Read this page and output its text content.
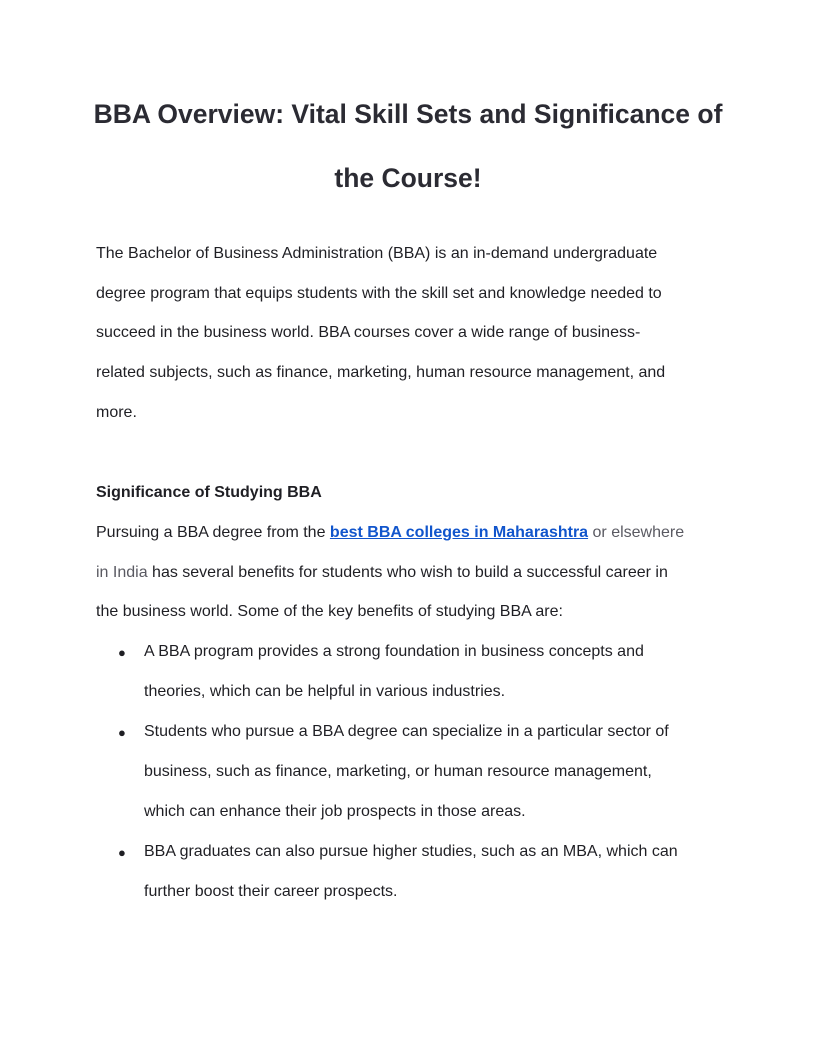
BBA Overview: Vital Skill Sets and Significance of
the Course!
The Bachelor of Business Administration (BBA) is an in-demand undergraduate
degree program that equips students with the skill set and knowledge needed to
succeed in the business world. BBA courses cover a wide range of business-
related subjects, such as finance, marketing, human resource management, and
more.
Significance of Studying BBA
Pursuing a BBA degree from the best BBA colleges in Maharashtra or elsewhere
in India has several benefits for students who wish to build a successful career in
the business world. Some of the key benefits of studying BBA are:
● A BBA program provides a strong foundation in business concepts and
theories, which can be helpful in various industries.
● Students who pursue a BBA degree can specialize in a particular sector of
business, such as finance, marketing, or human resource management,
which can enhance their job prospects in those areas.
● BBA graduates can also pursue higher studies, such as an MBA, which can
further boost their career prospects.
